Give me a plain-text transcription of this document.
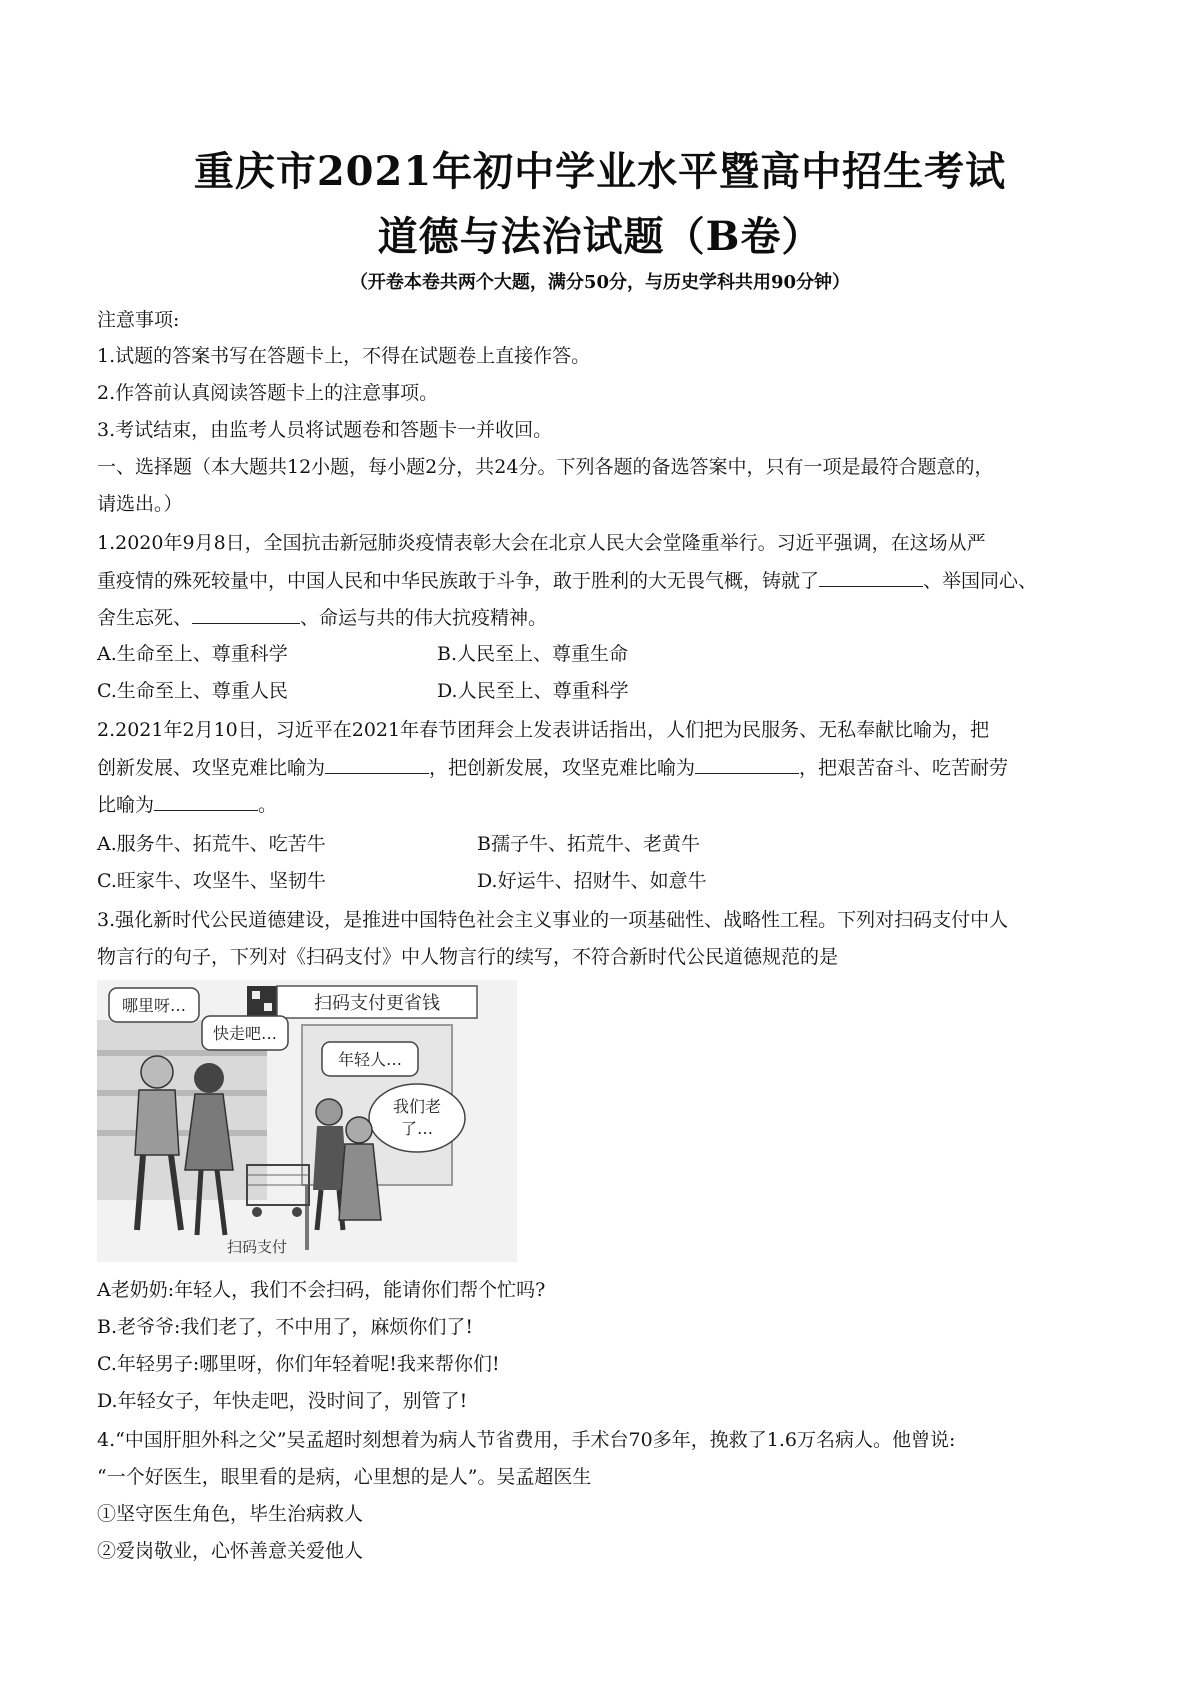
重庆市2021年初中学业水平暨高中招生考试
道德与法治试题（B卷）
（开卷本卷共两个大题，满分50分，与历史学科共用90分钟）
注意事项:
1.试题的答案书写在答题卡上，不得在试题卷上直接作答。
2.作答前认真阅读答题卡上的注意事项。
3.考试结束，由监考人员将试题卷和答题卡一并收回。
一、选择题（本大题共12小题，每小题2分，共24分。下列各题的备选答案中，只有一项是最符合题意的，
请选出。）
1.2020年9月8日，全国抗击新冠肺炎疫情表彰大会在北京人民大会堂隆重举行。习近平强调，在这场从严
重疫情的殊死较量中，中国人民和中华民族敢于斗争，敢于胜利的大无畏气概，铸就了	、举国同心、
舍生忘死、	、命运与共的伟大抗疫精神。
A.生命至上、尊重科学	B.人民至上、尊重生命
C.生命至上、尊重人民	D.人民至上、尊重科学
2.2021年2月10日，习近平在2021年春节团拜会上发表讲话指出，人们把为民服务、无私奉献比喻为，把
创新发展、攻坚克难比喻为	，把创新发展，攻坚克难比喻为	，把艰苦奋斗、吃苦耐劳
比喻为	。
A.服务牛、拓荒牛、吃苦牛	B孺子牛、拓荒牛、老黄牛
C.旺家牛、攻坚牛、坚韧牛	D.好运牛、招财牛、如意牛
3.强化新时代公民道德建设，是推进中国特色社会主义事业的一项基础性、战略性工程。下列对扫码支付中人
物言行的句子，下列对《扫码支付》中人物言行的续写，不符合新时代公民道德规范的是
扫码支付更省钱
哪里呀…
快走吧…
年轻人…
我们老
了…
扫码支付
A老奶奶:年轻人，我们不会扫码，能请你们帮个忙吗?
B.老爷爷:我们老了，不中用了，麻烦你们了!
C.年轻男子:哪里呀，你们年轻着呢!我来帮你们!
D.年轻女子，年快走吧，没时间了，别管了!
4.“中国肝胆外科之父”吴孟超时刻想着为病人节省费用，手术台70多年，挽救了1.6万名病人。他曾说:
“一个好医生，眼里看的是病，心里想的是人”。吴孟超医生
①坚守医生角色，毕生治病救人
②爱岗敬业，心怀善意关爱他人
